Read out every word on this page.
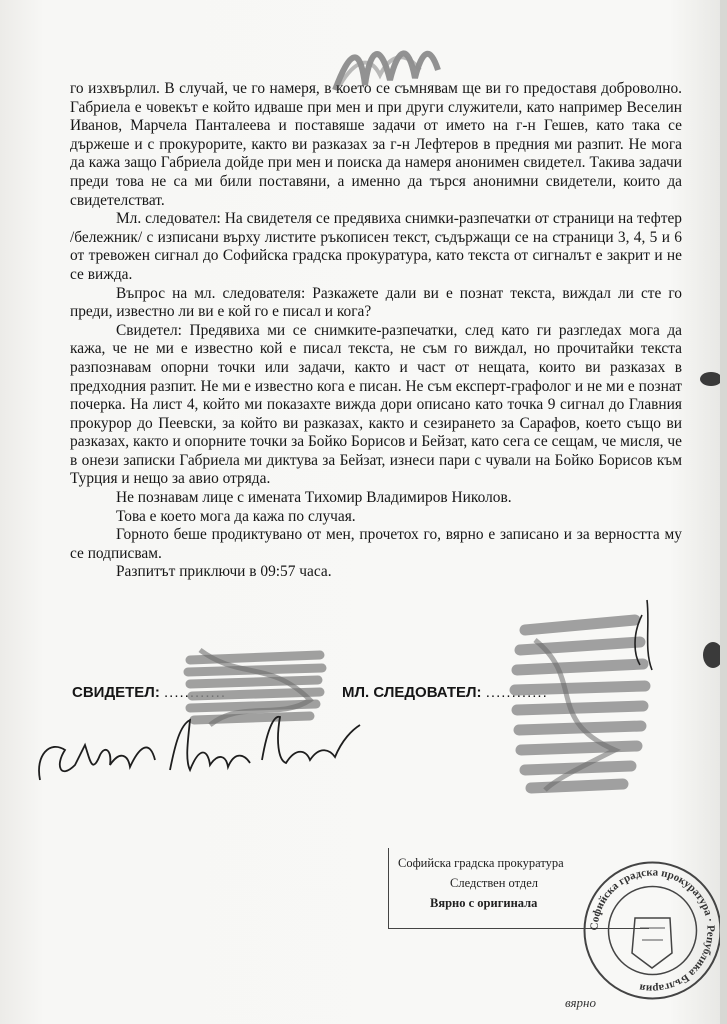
го изхвърлил. В случай, че го намеря, в което се съмнявам ще ви го предоставя доброволно. Габриела е човекът е който идваше при мен и при други служители, като например Веселин Иванов, Марчела Панталеева и поставяше задачи от името на г-н Гешев, като така се държеше и с прокурорите, както ви разказах за г-н Лефтеров в предния ми разпит. Не мога да кажа защо Габриела дойде при мен и поиска да намеря анонимен свидетел. Такива задачи преди това не са ми били поставяни, а именно да търся анонимни свидетели, които да свидетелстват.

Мл. следовател: На свидетеля се предявиха снимки-разпечатки от страници на тефтер /бележник/ с изписани върху листите ръкописен текст, съдържащи се на страници 3, 4, 5 и 6 от тревожен сигнал до Софийска градска прокуратура, като текста от сигналът е закрит и не се вижда.

Въпрос на мл. следователя: Разкажете дали ви е познат текста, виждал ли сте го преди, известно ли ви е кой го е писал и кога?

Свидетел: Предявиха ми се снимките-разпечатки, след като ги разгледах мога да кажа, че не ми е известно кой е писал текста, не съм го виждал, но прочитайки текста разпознавам опорни точки или задачи, както и част от нещата, които ви разказах в предходния разпит. Не ми е известно кога е писан. Не съм експерт-графолог и не ми е познат почерка. На лист 4, който ми показахте вижда дори описано като точка 9 сигнал до Главния прокурор до Пеевски, за който ви разказах, както и сезирането за Сарафов, което също ви разказах, както и опорните точки за Бойко Борисов и Бейзат, като сега се сещам, че мисля, че в онези записки Габриела ми диктува за Бейзат, изнеси пари с чували на Бойко Борисов към Турция и нещо за авио отряда.

Не познавам лице с имената Тихомир Владимиров Николов.

Това е което мога да кажа по случая.

Горното беше продиктувано от мен, прочетох го, вярно е записано и за верността му се подписвам.

Разпитът приключи в 09:57 часа.

СВИДЕТЕЛ: ............	МЛ. СЛЕДОВАТЕЛ: ............
Софийска градска прокуратура
Следствен отдел
Вярно с оригинала
Софийска градска прокуратура · Република България
вярно
